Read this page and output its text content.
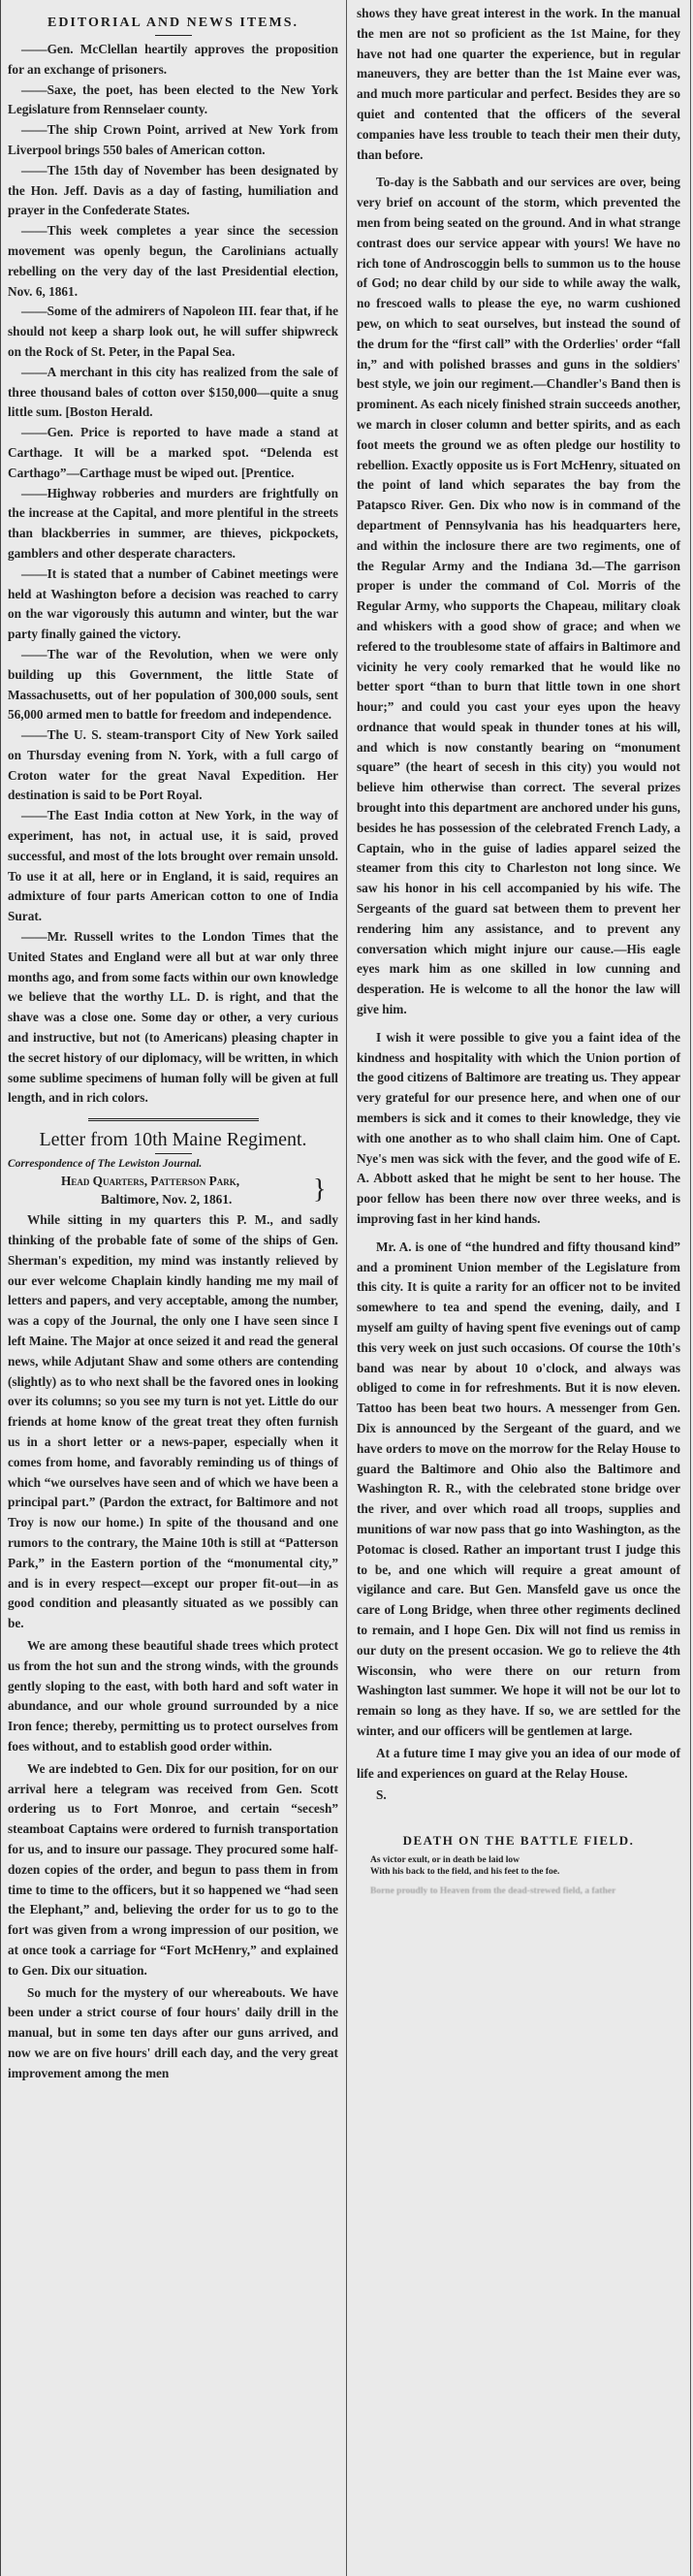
EDITORIAL AND NEWS ITEMS.

——Gen. McClellan heartily approves the proposition for an exchange of prisoners.

——Saxe, the poet, has been elected to the New York Legislature from Rennselaer county.

——The ship Crown Point, arrived at New York from Liverpool brings 550 bales of American cotton.

——The 15th day of November has been designated by the Hon. Jeff. Davis as a day of fasting, humiliation and prayer in the Confederate States.

——This week completes a year since the secession movement was openly begun, the Carolinians actually rebelling on the very day of the last Presidential election, Nov. 6, 1861.

——Some of the admirers of Napoleon III. fear that, if he should not keep a sharp look out, he will suffer shipwreck on the Rock of St. Peter, in the Papal Sea.

——A merchant in this city has realized from the sale of three thousand bales of cotton over $150,000—quite a snug little sum. [Boston Herald.

——Gen. Price is reported to have made a stand at Carthage. It will be a marked spot. “Delenda est Carthago”—Carthage must be wiped out. [Prentice.

——Highway robberies and murders are frightfully on the increase at the Capital, and more plentiful in the streets than blackberries in summer, are thieves, pickpockets, gamblers and other desperate characters.

——It is stated that a number of Cabinet meetings were held at Washington before a decision was reached to carry on the war vigorously this autumn and winter, but the war party finally gained the victory.

——The war of the Revolution, when we were only building up this Government, the little State of Massachusetts, out of her population of 300,000 souls, sent 56,000 armed men to battle for freedom and independence.

——The U. S. steam-transport City of New York sailed on Thursday evening from N. York, with a full cargo of Croton water for the great Naval Expedition. Her destination is said to be Port Royal.

——The East India cotton at New York, in the way of experiment, has not, in actual use, it is said, proved successful, and most of the lots brought over remain unsold. To use it at all, here or in England, it is said, requires an admixture of four parts American cotton to one of India Surat.

——Mr. Russell writes to the London Times that the United States and England were all but at war only three months ago, and from some facts within our own knowledge we believe that the worthy LL. D. is right, and that the shave was a close one. Some day or other, a very curious and instructive, but not (to Americans) pleasing chapter in the secret history of our diplomacy, will be written, in which some sublime specimens of human folly will be given at full length, and in rich colors.

Letter from 10th Maine Regiment.
Correspondence of The Lewiston Journal.
Head Quarters, Patterson Park,
Baltimore, Nov. 2, 1861.	}

While sitting in my quarters this P. M., and sadly thinking of the probable fate of some of the ships of Gen. Sherman's expedition, my mind was instantly relieved by our ever welcome Chaplain kindly handing me my mail of letters and papers, and very acceptable, among the number, was a copy of the Journal, the only one I have seen since I left Maine. The Major at once seized it and read the general news, while Adjutant Shaw and some others are contending (slightly) as to who next shall be the favored ones in looking over its columns; so you see my turn is not yet. Little do our friends at home know of the great treat they often furnish us in a short letter or a news-paper, especially when it comes from home, and favorably reminding us of things of which “we ourselves have seen and of which we have been a principal part.” (Pardon the extract, for Baltimore and not Troy is now our home.) In spite of the thousand and one rumors to the contrary, the Maine 10th is still at “Patterson Park,” in the Eastern portion of the “monumental city,” and is in every respect—except our proper fit-out—in as good condition and pleasantly situated as we possibly can be.

We are among these beautiful shade trees which protect us from the hot sun and the strong winds, with the grounds gently sloping to the east, with both hard and soft water in abundance, and our whole ground surrounded by a nice Iron fence; thereby, permitting us to protect ourselves from foes without, and to establish good order within.

We are indebted to Gen. Dix for our position, for on our arrival here a telegram was received from Gen. Scott ordering us to Fort Monroe, and certain “secesh” steamboat Captains were ordered to furnish transportation for us, and to insure our passage. They procured some half-dozen copies of the order, and begun to pass them in from time to time to the officers, but it so happened we “had seen the Elephant,” and, believing the order for us to go to the fort was given from a wrong impression of our position, we at once took a carriage for “Fort McHenry,” and explained to Gen. Dix our situation.

So much for the mystery of our whereabouts. We have been under a strict course of four hours' daily drill in the manual, but in some ten days after our guns arrived, and now we are on five hours' drill each day, and the very great improvement among the men

shows they have great interest in the work. In the manual the men are not so proficient as the 1st Maine, for they have not had one quarter the experience, but in regular maneuvers, they are better than the 1st Maine ever was, and much more particular and perfect. Besides they are so quiet and contented that the officers of the several companies have less trouble to teach their men their duty, than before.

To-day is the Sabbath and our services are over, being very brief on account of the storm, which prevented the men from being seated on the ground. And in what strange contrast does our service appear with yours! We have no rich tone of Androscoggin bells to summon us to the house of God; no dear child by our side to while away the walk, no frescoed walls to please the eye, no warm cushioned pew, on which to seat ourselves, but instead the sound of the drum for the “first call” with the Orderlies' order “fall in,” and with polished brasses and guns in the soldiers' best style, we join our regiment.—Chandler's Band then is prominent. As each nicely finished strain succeeds another, we march in closer column and better spirits, and as each foot meets the ground we as often pledge our hostility to rebellion. Exactly opposite us is Fort McHenry, situated on the point of land which separates the bay from the Patapsco River. Gen. Dix who now is in command of the department of Pennsylvania has his headquarters here, and within the inclosure there are two regiments, one of the Regular Army and the Indiana 3d.—The garrison proper is under the command of Col. Morris of the Regular Army, who supports the Chapeau, military cloak and whiskers with a good show of grace; and when we refered to the troublesome state of affairs in Baltimore and vicinity he very cooly remarked that he would like no better sport “than to burn that little town in one short hour;” and could you cast your eyes upon the heavy ordnance that would speak in thunder tones at his will, and which is now constantly bearing on “monument square” (the heart of secesh in this city) you would not believe him otherwise than correct. The several prizes brought into this department are anchored under his guns, besides he has possession of the celebrated French Lady, a Captain, who in the guise of ladies apparel seized the steamer from this city to Charleston not long since. We saw his honor in his cell accompanied by his wife. The Sergeants of the guard sat between them to prevent her rendering him any assistance, and to prevent any conversation which might injure our cause.—His eagle eyes mark him as one skilled in low cunning and desperation. He is welcome to all the honor the law will give him.

I wish it were possible to give you a faint idea of the kindness and hospitality with which the Union portion of the good citizens of Baltimore are treating us. They appear very grateful for our presence here, and when one of our members is sick and it comes to their knowledge, they vie with one another as to who shall claim him. One of Capt. Nye's men was sick with the fever, and the good wife of E. A. Abbott asked that he might be sent to her house. The poor fellow has been there now over three weeks, and is improving fast in her kind hands.

Mr. A. is one of “the hundred and fifty thousand kind” and a prominent Union member of the Legislature from this city. It is quite a rarity for an officer not to be invited somewhere to tea and spend the evening, daily, and I myself am guilty of having spent five evenings out of camp this very week on just such occasions. Of course the 10th's band was near by about 10 o'clock, and always was obliged to come in for refreshments. But it is now eleven. Tattoo has been beat two hours. A messenger from Gen. Dix is announced by the Sergeant of the guard, and we have orders to move on the morrow for the Relay House to guard the Baltimore and Ohio also the Baltimore and Washington R. R., with the celebrated stone bridge over the river, and over which road all troops, supplies and munitions of war now pass that go into Washington, as the Potomac is closed. Rather an important trust I judge this to be, and one which will require a great amount of vigilance and care. But Gen. Mansfeld gave us once the care of Long Bridge, when three other regiments declined to remain, and I hope Gen. Dix will not find us remiss in our duty on the present occasion. We go to relieve the 4th Wisconsin, who were there on our return from Washington last summer. We hope it will not be our lot to remain so long as they have. If so, we are settled for the winter, and our officers will be gentlemen at large.

At a future time I may give you an idea of our mode of life and experiences on guard at the Relay House.

S.

DEATH ON THE BATTLE FIELD.
As victor exult, or in death be laid low
With his back to the field, and his feet to the foe.
Borne proudly to Heaven from the dead-strewed field, a father
